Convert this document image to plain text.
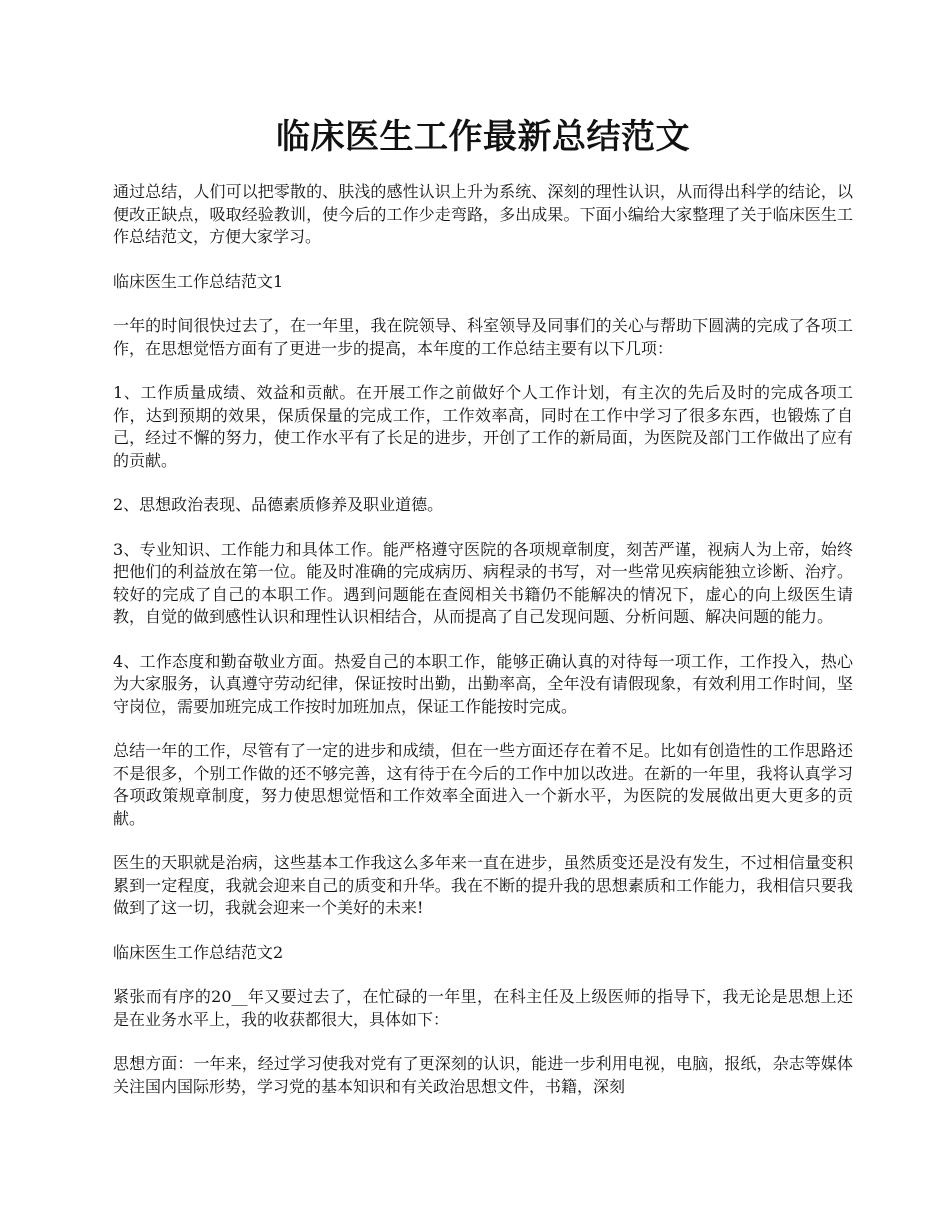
临床医生工作最新总结范文

通过总结，人们可以把零散的、肤浅的感性认识上升为系统、深刻的理性认识，从而得出科学的结论，以便改正缺点，吸取经验教训，使今后的工作少走弯路，多出成果。下面小编给大家整理了关于临床医生工作总结范文，方便大家学习。

临床医生工作总结范文1

一年的时间很快过去了，在一年里，我在院领导、科室领导及同事们的关心与帮助下圆满的完成了各项工作，在思想觉悟方面有了更进一步的提高，本年度的工作总结主要有以下几项：

1、工作质量成绩、效益和贡献。在开展工作之前做好个人工作计划，有主次的先后及时的完成各项工作，达到预期的效果，保质保量的完成工作，工作效率高，同时在工作中学习了很多东西，也锻炼了自己，经过不懈的努力，使工作水平有了长足的进步，开创了工作的新局面，为医院及部门工作做出了应有的贡献。

2、思想政治表现、品德素质修养及职业道德。

3、专业知识、工作能力和具体工作。能严格遵守医院的各项规章制度，刻苦严谨，视病人为上帝，始终把他们的利益放在第一位。能及时准确的完成病历、病程录的书写，对一些常见疾病能独立诊断、治疗。较好的完成了自己的本职工作。遇到问题能在查阅相关书籍仍不能解决的情况下，虚心的向上级医生请教，自觉的做到感性认识和理性认识相结合，从而提高了自己发现问题、分析问题、解决问题的能力。

4、工作态度和勤奋敬业方面。热爱自己的本职工作，能够正确认真的对待每一项工作，工作投入，热心为大家服务，认真遵守劳动纪律，保证按时出勤，出勤率高，全年没有请假现象，有效利用工作时间，坚守岗位，需要加班完成工作按时加班加点，保证工作能按时完成。

总结一年的工作，尽管有了一定的进步和成绩，但在一些方面还存在着不足。比如有创造性的工作思路还不是很多，个别工作做的还不够完善，这有待于在今后的工作中加以改进。在新的一年里，我将认真学习各项政策规章制度，努力使思想觉悟和工作效率全面进入一个新水平，为医院的发展做出更大更多的贡献。

医生的天职就是治病，这些基本工作我这么多年来一直在进步，虽然质变还是没有发生，不过相信量变积累到一定程度，我就会迎来自己的质变和升华。我在不断的提升我的思想素质和工作能力，我相信只要我做到了这一切，我就会迎来一个美好的未来!

临床医生工作总结范文2

紧张而有序的20__年又要过去了，在忙碌的一年里，在科主任及上级医师的指导下，我无论是思想上还是在业务水平上，我的收获都很大，具体如下：

思想方面：一年来，经过学习使我对党有了更深刻的认识，能进一步利用电视，电脑，报纸，杂志等媒体关注国内国际形势，学习党的基本知识和有关政治思想文件，书籍，深刻
